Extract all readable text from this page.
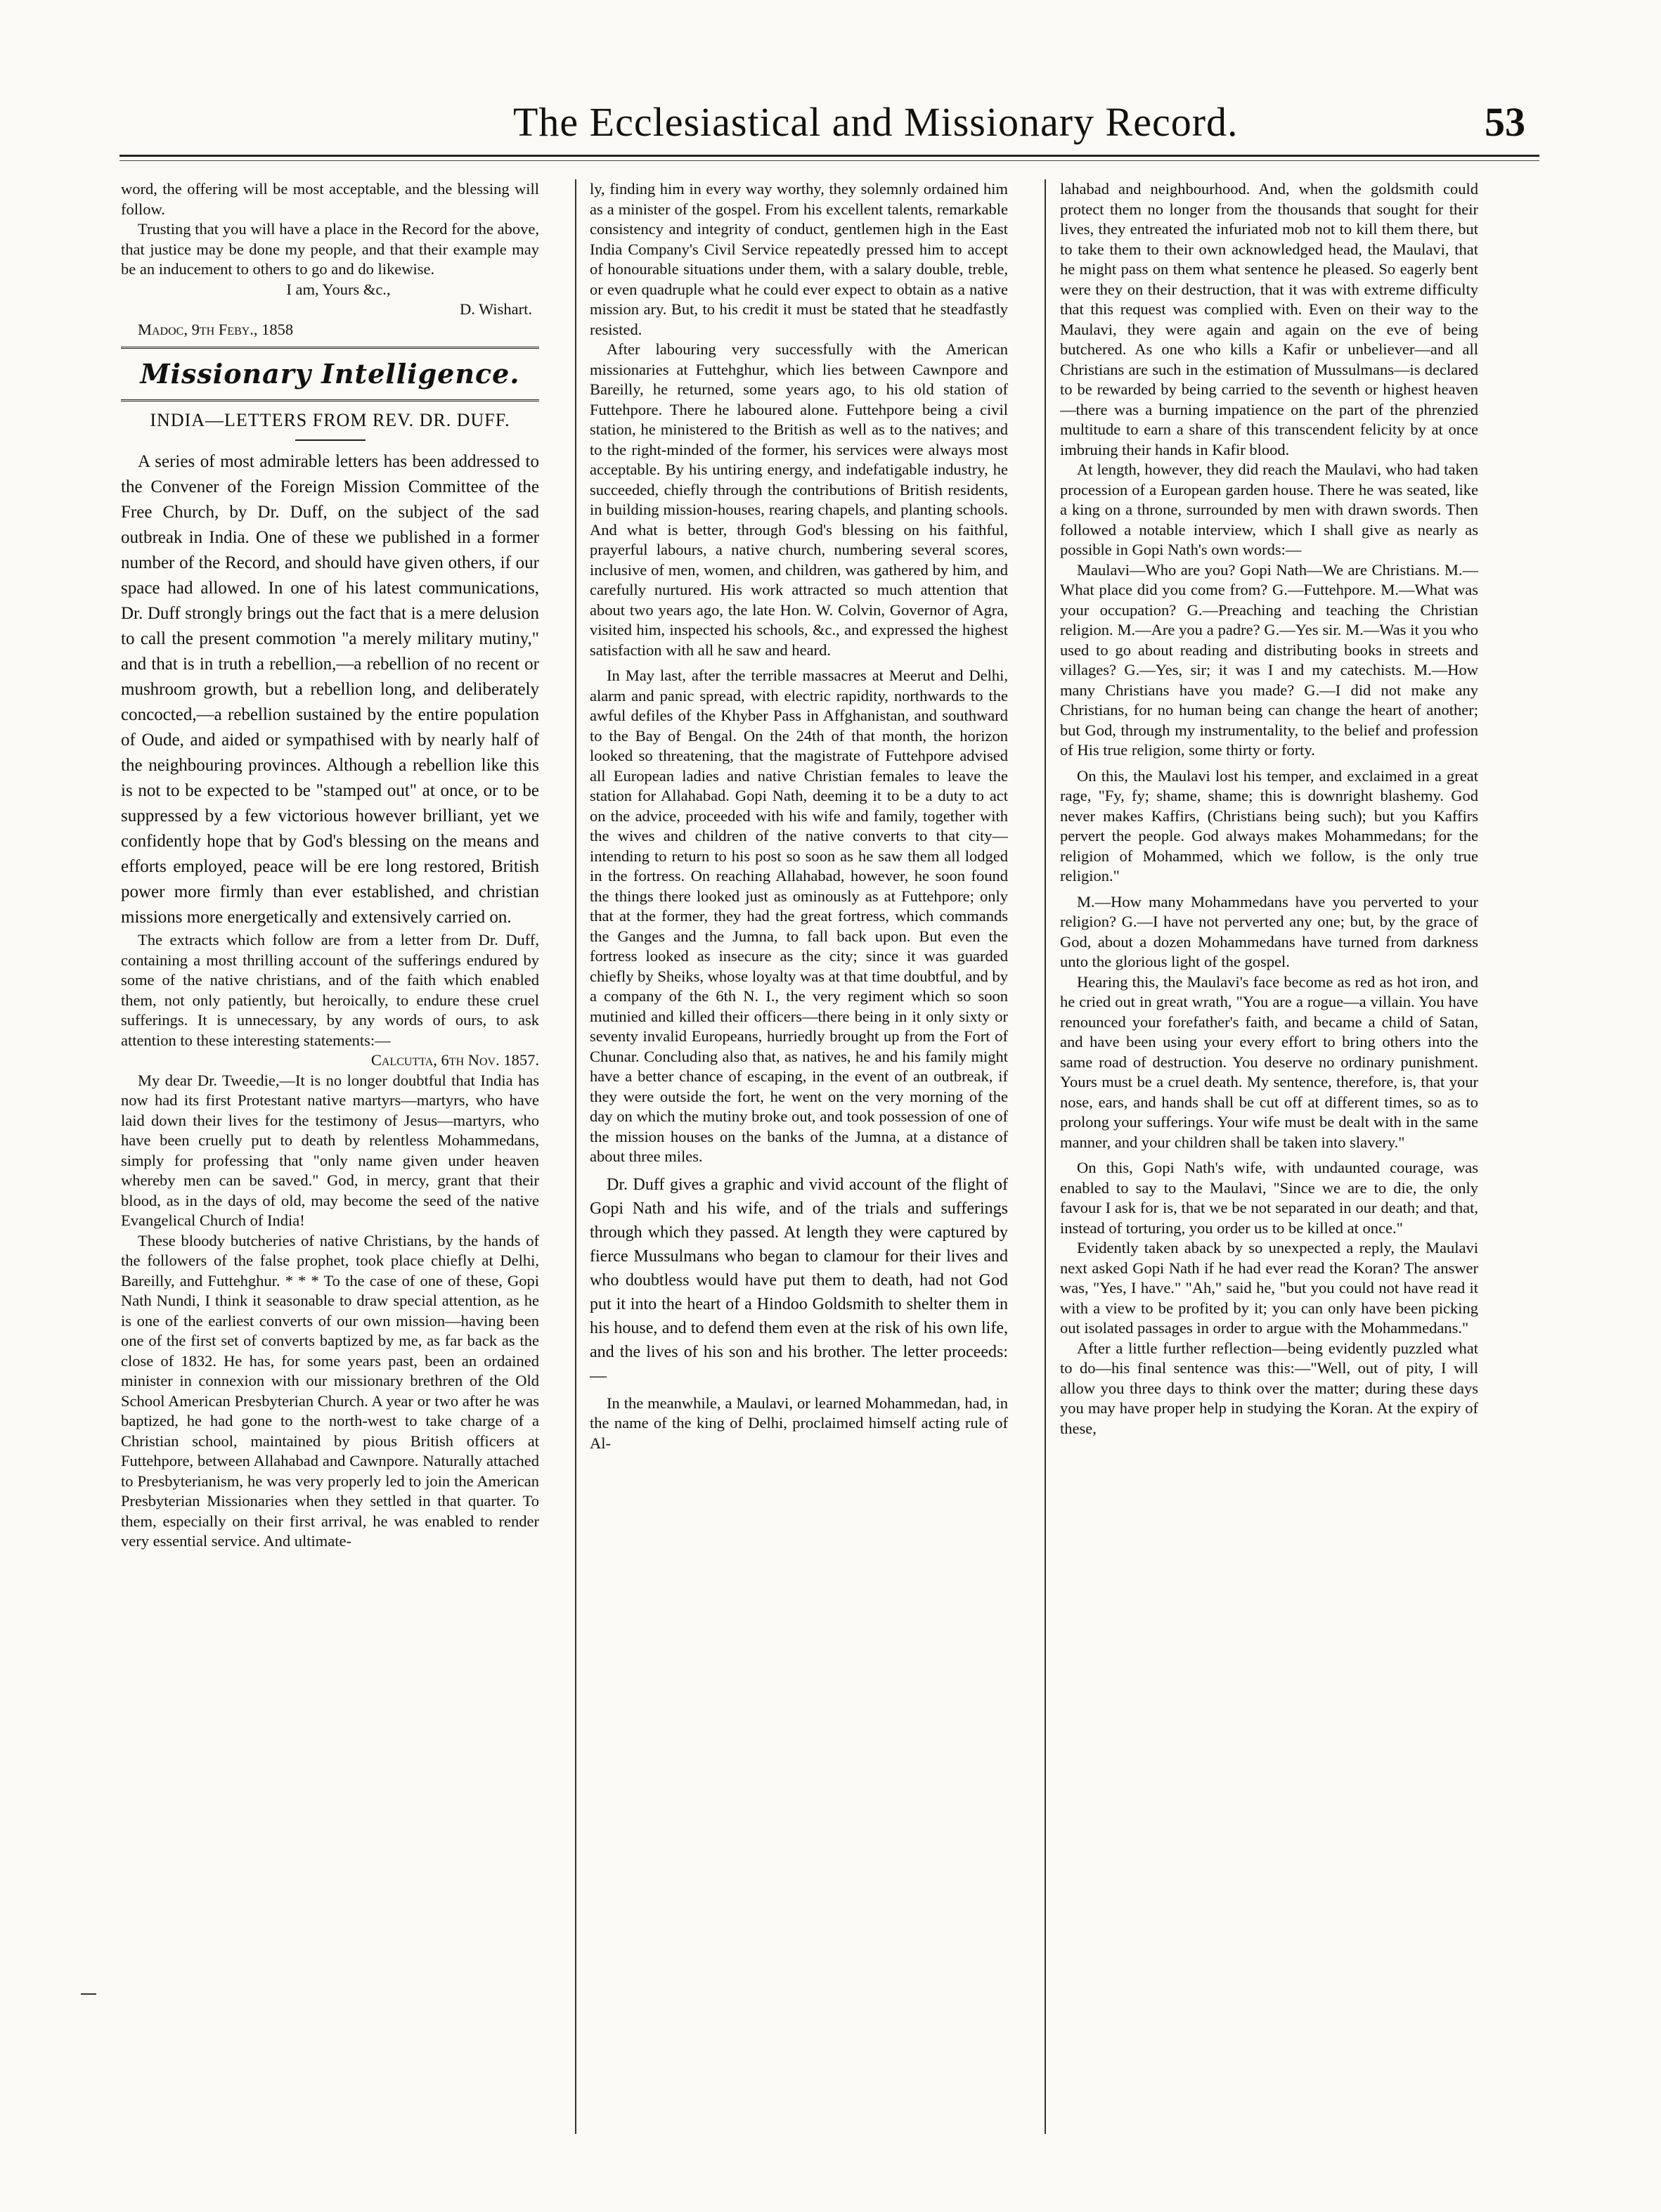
The Ecclesiastical and Missionary Record.	53

word, the offering will be most acceptable, and the blessing will follow.

Trusting that you will have a place in the Record for the above, that justice may be done my people, and that their example may be an inducement to others to go and do likewise.

I am, Yours &c.,

D. Wishart.

Madoc, 9th Feby., 1858

Missionary Intelligence.
INDIA—LETTERS FROM REV. DR. DUFF.

A series of most admirable letters has been addressed to the Convener of the Foreign Mission Committee of the Free Church, by Dr. Duff, on the subject of the sad outbreak in India. One of these we published in a former number of the Record, and should have given others, if our space had allowed. In one of his latest communications, Dr. Duff strongly brings out the fact that is a mere delusion to call the present commotion "a merely military mutiny," and that is in truth a rebellion,—a rebellion of no recent or mushroom growth, but a rebellion long, and deliberately concocted,—a rebellion sustained by the entire population of Oude, and aided or sympathised with by nearly half of the neighbouring provinces. Although a rebellion like this is not to be expected to be "stamped out" at once, or to be suppressed by a few victorious however brilliant, yet we confidently hope that by God's blessing on the means and efforts employed, peace will be ere long restored, British power more firmly than ever established, and christian missions more energetically and extensively carried on.

The extracts which follow are from a letter from Dr. Duff, containing a most thrilling account of the sufferings endured by some of the native christians, and of the faith which enabled them, not only patiently, but heroically, to endure these cruel sufferings. It is unnecessary, by any words of ours, to ask attention to these interesting statements:—

Calcutta, 6th Nov. 1857.

My dear Dr. Tweedie,—It is no longer doubtful that India has now had its first Protestant native martyrs—martyrs, who have laid down their lives for the testimony of Jesus—martyrs, who have been cruelly put to death by relentless Mohammedans, simply for professing that "only name given under heaven whereby men can be saved." God, in mercy, grant that their blood, as in the days of old, may become the seed of the native Evangelical Church of India!

These bloody butcheries of native Christians, by the hands of the followers of the false prophet, took place chiefly at Delhi, Bareilly, and Futtehghur. * * * To the case of one of these, Gopi Nath Nundi, I think it seasonable to draw special attention, as he is one of the earliest converts of our own mission—having been one of the first set of converts baptized by me, as far back as the close of 1832. He has, for some years past, been an ordained minister in connexion with our missionary brethren of the Old School American Presbyterian Church. A year or two after he was baptized, he had gone to the north-west to take charge of a Christian school, maintained by pious British officers at Futtehpore, between Allahabad and Cawnpore. Naturally attached to Presbyterianism, he was very properly led to join the American Presbyterian Missionaries when they settled in that quarter. To them, especially on their first arrival, he was enabled to render very essential service. And ultimate-

ly, finding him in every way worthy, they solemnly ordained him as a minister of the gospel. From his excellent talents, remarkable consistency and integrity of conduct, gentlemen high in the East India Company's Civil Service repeatedly pressed him to accept of honourable situations under them, with a salary double, treble, or even quadruple what he could ever expect to obtain as a native mission ary. But, to his credit it must be stated that he steadfastly resisted.

After labouring very successfully with the American missionaries at Futtehghur, which lies between Cawnpore and Bareilly, he returned, some years ago, to his old station of Futtehpore. There he laboured alone. Futtehpore being a civil station, he ministered to the British as well as to the natives; and to the right-minded of the former, his services were always most acceptable. By his untiring energy, and indefatigable industry, he succeeded, chiefly through the contributions of British residents, in building mission-houses, rearing chapels, and planting schools. And what is better, through God's blessing on his faithful, prayerful labours, a native church, numbering several scores, inclusive of men, women, and children, was gathered by him, and carefully nurtured. His work attracted so much attention that about two years ago, the late Hon. W. Colvin, Governor of Agra, visited him, inspected his schools, &c., and expressed the highest satisfaction with all he saw and heard.

In May last, after the terrible massacres at Meerut and Delhi, alarm and panic spread, with electric rapidity, northwards to the awful defiles of the Khyber Pass in Affghanistan, and southward to the Bay of Bengal. On the 24th of that month, the horizon looked so threatening, that the magistrate of Futtehpore advised all European ladies and native Christian females to leave the station for Allahabad. Gopi Nath, deeming it to be a duty to act on the advice, proceeded with his wife and family, together with the wives and children of the native converts to that city—intending to return to his post so soon as he saw them all lodged in the fortress. On reaching Allahabad, however, he soon found the things there looked just as ominously as at Futtehpore; only that at the former, they had the great fortress, which commands the Ganges and the Jumna, to fall back upon. But even the fortress looked as insecure as the city; since it was guarded chiefly by Sheiks, whose loyalty was at that time doubtful, and by a company of the 6th N. I., the very regiment which so soon mutinied and killed their officers—there being in it only sixty or seventy invalid Europeans, hurriedly brought up from the Fort of Chunar. Concluding also that, as natives, he and his family might have a better chance of escaping, in the event of an outbreak, if they were outside the fort, he went on the very morning of the day on which the mutiny broke out, and took possession of one of the mission houses on the banks of the Jumna, at a distance of about three miles.

Dr. Duff gives a graphic and vivid account of the flight of Gopi Nath and his wife, and of the trials and sufferings through which they passed. At length they were captured by fierce Mussulmans who began to clamour for their lives and who doubtless would have put them to death, had not God put it into the heart of a Hindoo Goldsmith to shelter them in his house, and to defend them even at the risk of his own life, and the lives of his son and his brother. The letter proceeds:—

In the meanwhile, a Maulavi, or learned Mohammedan, had, in the name of the king of Delhi, proclaimed himself acting rule of Al-

lahabad and neighbourhood. And, when the goldsmith could protect them no longer from the thousands that sought for their lives, they entreated the infuriated mob not to kill them there, but to take them to their own acknowledged head, the Maulavi, that he might pass on them what sentence he pleased. So eagerly bent were they on their destruction, that it was with extreme difficulty that this request was complied with. Even on their way to the Maulavi, they were again and again on the eve of being butchered. As one who kills a Kafir or unbeliever—and all Christians are such in the estimation of Mussulmans—is declared to be rewarded by being carried to the seventh or highest heaven—there was a burning impatience on the part of the phrenzied multitude to earn a share of this transcendent felicity by at once imbruing their hands in Kafir blood.

At length, however, they did reach the Maulavi, who had taken procession of a European garden house. There he was seated, like a king on a throne, surrounded by men with drawn swords. Then followed a notable interview, which I shall give as nearly as possible in Gopi Nath's own words:—

Maulavi—Who are you? Gopi Nath—We are Christians. M.—What place did you come from? G.—Futtehpore. M.—What was your occupation? G.—Preaching and teaching the Christian religion. M.—Are you a padre? G.—Yes sir. M.—Was it you who used to go about reading and distributing books in streets and villages? G.—Yes, sir; it was I and my catechists. M.—How many Christians have you made? G.—I did not make any Christians, for no human being can change the heart of another; but God, through my instrumentality, to the belief and profession of His true religion, some thirty or forty.

On this, the Maulavi lost his temper, and exclaimed in a great rage, "Fy, fy; shame, shame; this is downright blashemy. God never makes Kaffirs, (Christians being such); but you Kaffirs pervert the people. God always makes Mohammedans; for the religion of Mohammed, which we follow, is the only true religion."

M.—How many Mohammedans have you perverted to your religion? G.—I have not perverted any one; but, by the grace of God, about a dozen Mohammedans have turned from darkness unto the glorious light of the gospel.

Hearing this, the Maulavi's face become as red as hot iron, and he cried out in great wrath, "You are a rogue—a villain. You have renounced your forefather's faith, and became a child of Satan, and have been using your every effort to bring others into the same road of destruction. You deserve no ordinary punishment. Yours must be a cruel death. My sentence, therefore, is, that your nose, ears, and hands shall be cut off at different times, so as to prolong your sufferings. Your wife must be dealt with in the same manner, and your children shall be taken into slavery."

On this, Gopi Nath's wife, with undaunted courage, was enabled to say to the Maulavi, "Since we are to die, the only favour I ask for is, that we be not separated in our death; and that, instead of torturing, you order us to be killed at once."

Evidently taken aback by so unexpected a reply, the Maulavi next asked Gopi Nath if he had ever read the Koran? The answer was, "Yes, I have." "Ah," said he, "but you could not have read it with a view to be profited by it; you can only have been picking out isolated passages in order to argue with the Mohammedans."

After a little further reflection—being evidently puzzled what to do—his final sentence was this:—"Well, out of pity, I will allow you three days to think over the matter; during these days you may have proper help in studying the Koran. At the expiry of these,
